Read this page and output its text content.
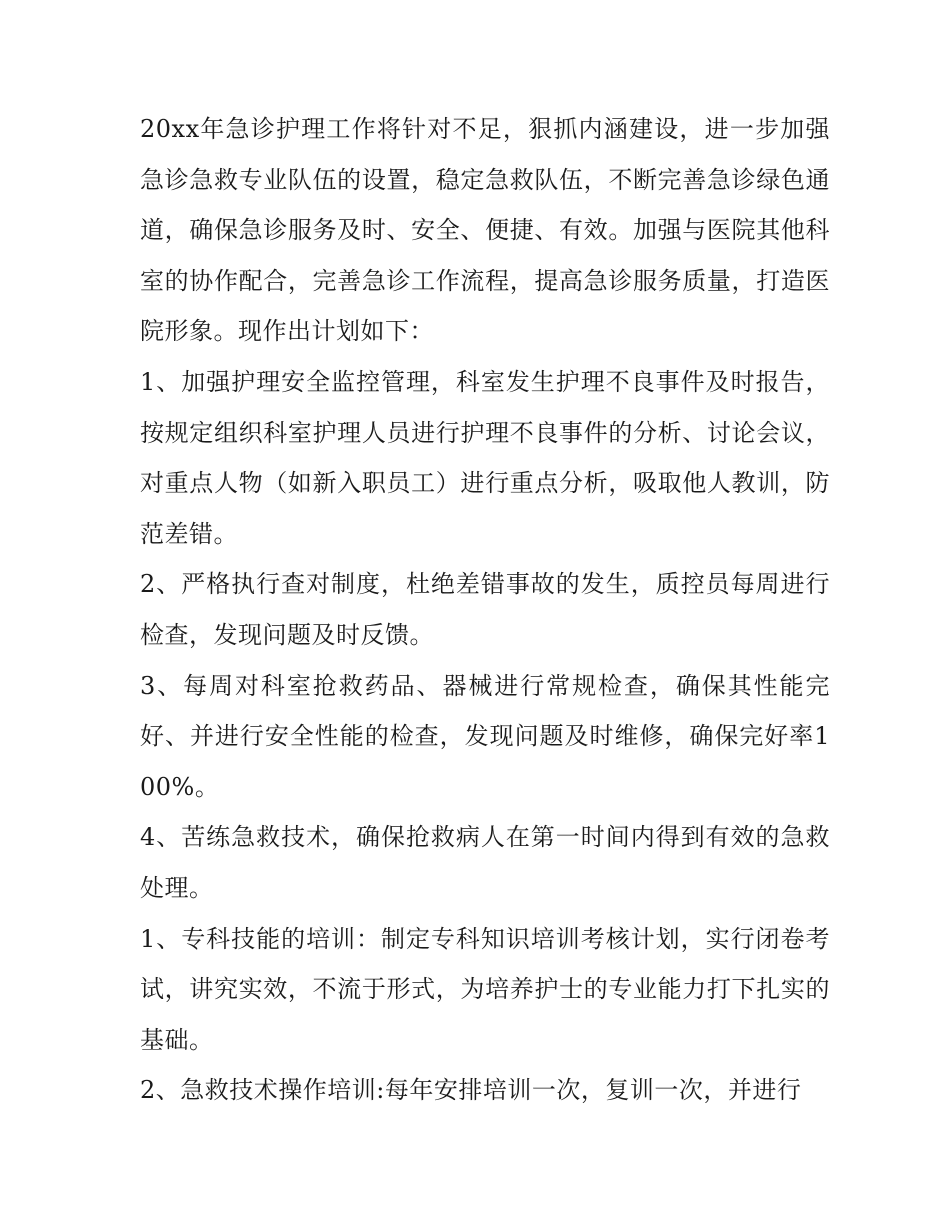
20xx年急诊护理工作将针对不足，狠抓内涵建设，进一步加强急诊急救专业队伍的设置，稳定急救队伍，不断完善急诊绿色通道，确保急诊服务及时、安全、便捷、有效。加强与医院其他科室的协作配合，完善急诊工作流程，提高急诊服务质量，打造医院形象。现作出计划如下：

1、加强护理安全监控管理，科室发生护理不良事件及时报告，按规定组织科室护理人员进行护理不良事件的分析、讨论会议，对重点人物（如新入职员工）进行重点分析，吸取他人教训，防范差错。

2、严格执行查对制度，杜绝差错事故的发生，质控员每周进行检查，发现问题及时反馈。

3、每周对科室抢救药品、器械进行常规检查，确保其性能完好、并进行安全性能的检查，发现问题及时维修，确保完好率100%。

4、苦练急救技术，确保抢救病人在第一时间内得到有效的急救处理。

1、专科技能的培训：制定专科知识培训考核计划，实行闭卷考试，讲究实效，不流于形式，为培养护士的专业能力打下扎实的基础。

2、急救技术操作培训:每年安排培训一次，复训一次，并进行
